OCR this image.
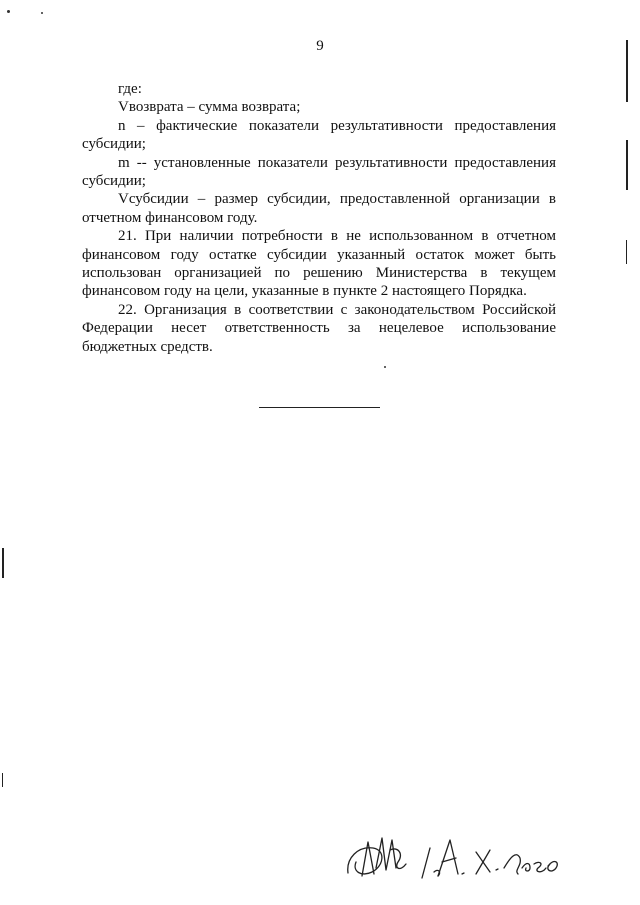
9

где:

Vвозврата – сумма возврата;

n – фактические показатели результативности предоставления субсидии;

m -- установленные показатели результативности предоставления субсидии;

Vсубсидии – размер субсидии, предоставленной организации в отчетном финансовом году.

21. При наличии потребности в не использованном в отчетном финансовом году остатке субсидии указанный остаток может быть использован организацией по решению Министерства в текущем финансовом году на цели, указанные в пункте 2 настоящего Порядка.

22. Организация в соответствии с законодательством Российской Федерации несет ответственность за нецелевое использование бюджетных средств.
